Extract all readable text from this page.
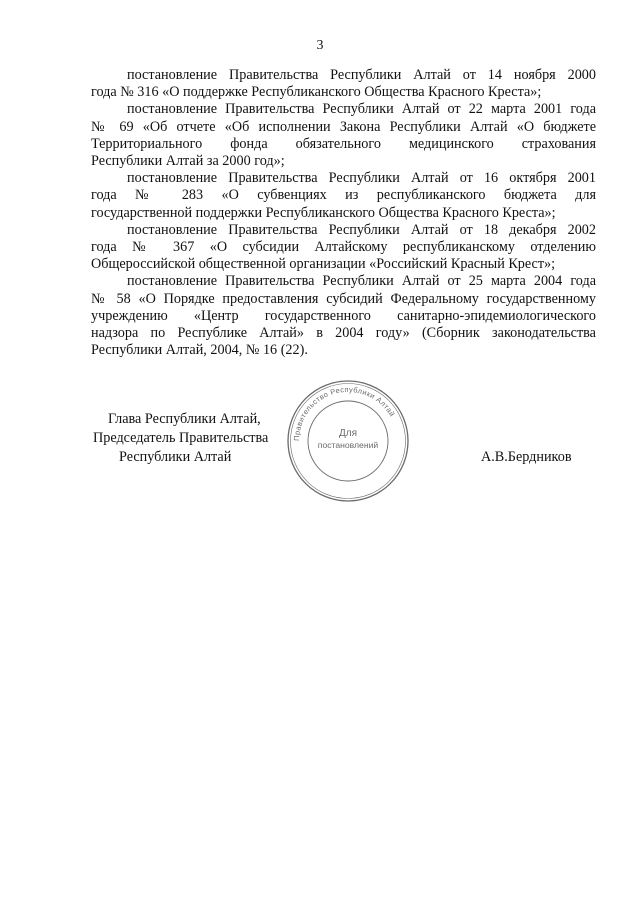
3

постановление Правительства Республики Алтай от 14 ноября 2000
года № 316 «О поддержке Республиканского Общества Красного Креста»;

постановление Правительства Республики Алтай от 22 марта 2001 года
№ 69 «Об отчете «Об исполнении Закона Республики Алтай «О бюджете
Территориального фонда обязательного медицинского страхования
Республики Алтай за 2000 год»;

постановление Правительства Республики Алтай от 16 октября 2001
года № 283 «О субвенциях из республиканского бюджета для
государственной поддержки Республиканского Общества Красного Креста»;

постановление Правительства Республики Алтай от 18 декабря 2002
года № 367 «О субсидии Алтайскому республиканскому отделению
Общероссийской общественной организации «Российский Красный Крест»;

постановление Правительства Республики Алтай от 25 марта 2004 года
№ 58 «О Порядке предоставления субсидий Федеральному государственному
учреждению «Центр государственного санитарно-эпидемиологического
надзора по Республике Алтай» в 2004 году» (Сборник законодательства
Республики Алтай, 2004, № 16 (22).

Глава Республики Алтай,
Председатель Правительства
Республики Алтай	А.В.Бердников
Правительство Республики Алтай
Для
постановлений
